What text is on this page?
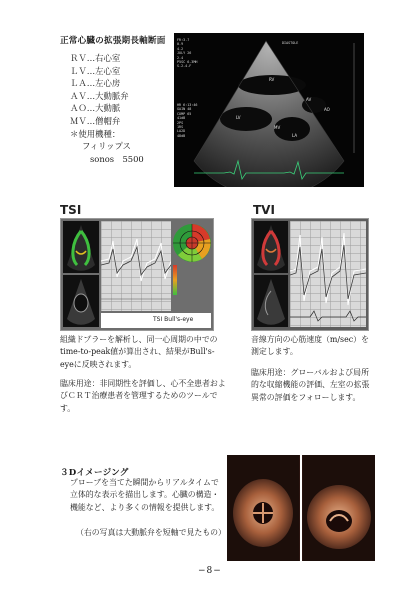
正常心臓の拡張期長軸断面
ＲＶ…右心室
ＬＶ…左心室
ＬＡ…左心房
ＡＶ…大動脈弁
ＡＯ…大動脈
ＭＶ…僧帽弁
＊使用機種：
フィリップス
sonos　5500
FR:3.7
0.9
4.2
JULY 26
2-4
P5SC 6-3MH
S-2-4-F
HR 6:13:46
GAIN 48
COMP 65
41dB
2PS
1RS
LA2D
48dB
DIASTOLE
RV
LV
AV
AO
MV
LA
TSI	TVI
TSI Bull's-eye

組織ドプラーを解析し、同一心周期の中でのtime-to-peak値が算出され、結果がBull's-eyeに反映されます。

臨床用途：非同期性を評価し、心不全患者およびＣＲＴ治療患者を管理するためのツールです。

音線方向の心筋速度（m/sec）を測定します。

臨床用途：グローバルおよび局所的な収縮機能の評価、左室の拡張異常の評価をフォローします。

３Dイメージング

プローブを当てた瞬間からリアルタイムで立体的な表示を描出します。心臓の構造・機能など、より多くの情報を提供します。

（右の写真は大動脈弁を短軸で見たもの）

−8−
